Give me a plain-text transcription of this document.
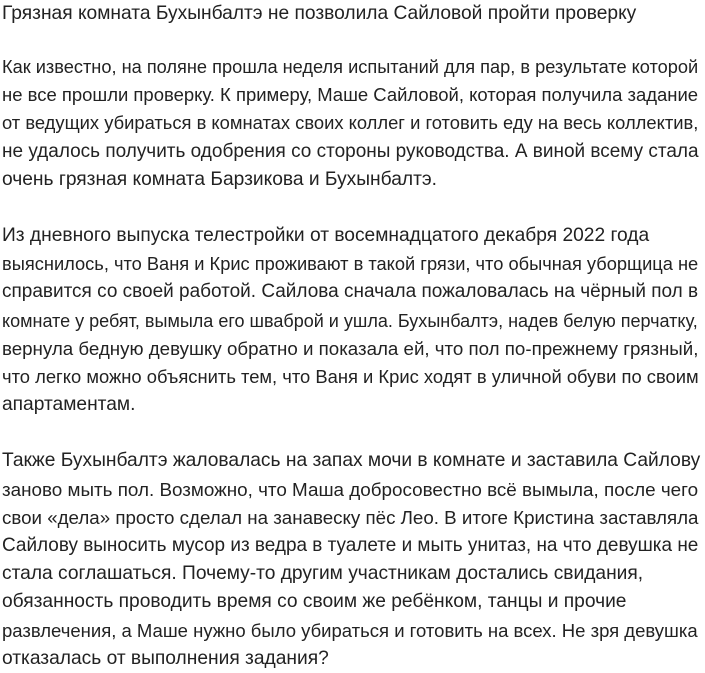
Грязная комната Бухынбалтэ не позволила Сайловой пройти проверку

Как известно, на поляне прошла неделя испытаний для пар, в результате которой
не все прошли проверку. К примеру, Маше Сайловой, которая получила задание
от ведущих убираться в комнатах своих коллег и готовить еду на весь коллектив,
не удалось получить одобрения со стороны руководства. А виной всему стала
очень грязная комната Барзикова и Бухынбалтэ.

Из дневного выпуска телестройки от восемнадцатого декабря 2022 года
выяснилось, что Ваня и Крис проживают в такой грязи, что обычная уборщица не
справится со своей работой. Сайлова сначала пожаловалась на чёрный пол в
комнате у ребят, вымыла его шваброй и ушла. Бухынбалтэ, надев белую перчатку,
вернула бедную девушку обратно и показала ей, что пол по-прежнему грязный,
что легко можно объяснить тем, что Ваня и Крис ходят в уличной обуви по своим
апартаментам.

Также Бухынбалтэ жаловалась на запах мочи в комнате и заставила Сайлову
заново мыть пол. Возможно, что Маша добросовестно всё вымыла, после чего
свои «дела» просто сделал на занавеску пёс Лео. В итоге Кристина заставляла
Сайлову выносить мусор из ведра в туалете и мыть унитаз, на что девушка не
стала соглашаться. Почему-то другим участникам достались свидания,
обязанность проводить время со своим же ребёнком, танцы и прочие
развлечения, а Маше нужно было убираться и готовить на всех. Не зря девушка
отказалась от выполнения задания?
